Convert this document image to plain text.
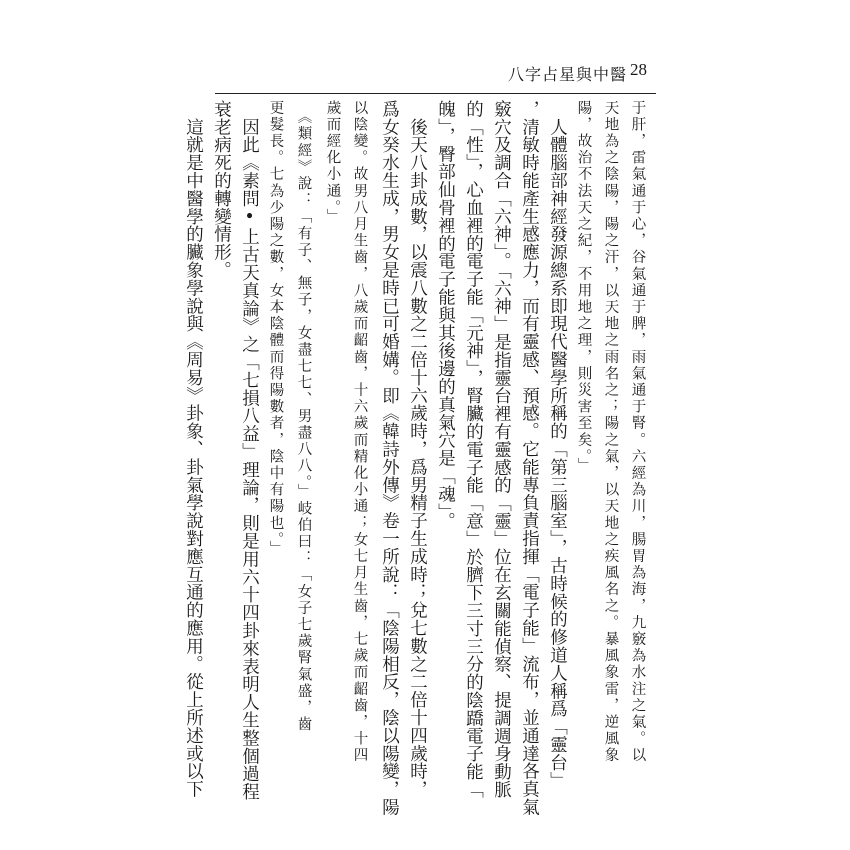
八字占星與中醫 28
于肝，雷氣通于心，谷氣通于脾，雨氣通于腎。六經為川，腸胃為海，九竅為水注之氣。以
天地為之陰陽，陽之汗，以天地之雨名之；陽之氣，以天地之疾風名之。暴風象雷，逆風象
陽，故治不法天之紀，不用地之理，則災害至矣。」
　人體腦部神經發源總系即現代醫學所稱的「第三腦室」，古時候的修道人稱爲「靈台」
，清敏時能產生感應力，而有靈感、預感。它能專負責指揮「電子能」流布，並通達各真氣
竅穴及調合「六神」。「六神」是指靈台裡有靈感的「靈」位在玄關能偵察、提調週身動脈
的「性」，心血裡的電子能「元神」，腎臟的電子能「意」於臍下三寸三分的陰蹻電子能「
魄」，臀部仙骨裡的電子能與其後邊的真氣穴是「魂」。
　後天八卦成數，以震八數之二倍十六歲時，爲男精子生成時；兌七數之二倍十四歲時，
爲女癸水生成，男女是時已可婚媾。即《韓詩外傳》卷一所說：「陰陽相反，陰以陽變，陽
以陰變。故男八月生齒，八歲而齠齒，十六歲而精化小通；女七月生齒，七歲而齠齒，十四
歲而經化小通。」
　《類經》說：「有子、無子，女盡七七、男盡八八。」岐伯曰：「女子七歲腎氣盛，齒
更髮長。七為少陽之數，女本陰體而得陽數者，陰中有陽也。」
　因此《素問•上古天真論》之「七損八益」理論，則是用六十四卦來表明人生整個過程
衰老病死的轉變情形。
　這就是中醫學的臟象學說與《周易》卦象、卦氣學說對應互通的應用。從上所述或以下
